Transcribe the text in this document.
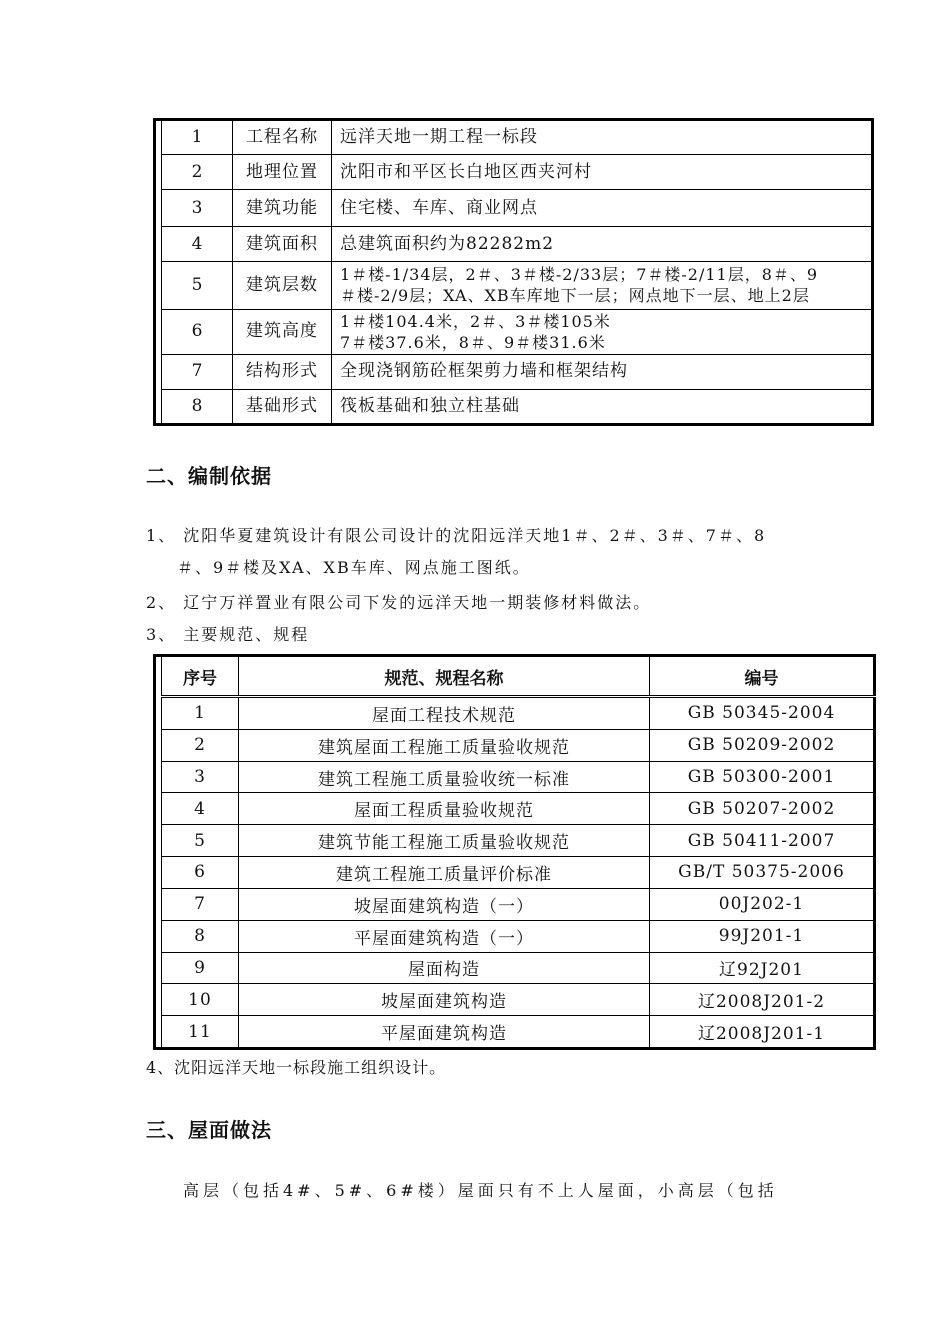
	1	工程名称	远洋天地一期工程一标段

	2	地理位置	沈阳市和平区长白地区西夹河村

	3	建筑功能	住宅楼、车库、商业网点

	4	建筑面积	总建筑面积约为82282m2

	5	建筑层数	1＃楼-1/34层，2＃、3＃楼-2/33层；7＃楼-2/11层，8＃、9
＃楼-2/9层；XA、XB车库地下一层；网点地下一层、地上2层

	6	建筑高度	1＃楼104.4米，2＃、3＃楼105米
7＃楼37.6米，8＃、9＃楼31.6米

	7	结构形式	全现浇钢筋砼框架剪力墙和框架结构

	8	基础形式	筏板基础和独立柱基础
二、编制依据
1、 沈阳华夏建筑设计有限公司设计的沈阳远洋天地1＃、2＃、3＃、7＃、8
＃、9＃楼及XA、XB车库、网点施工图纸。
2、 辽宁万祥置业有限公司下发的远洋天地一期装修材料做法。
3、 主要规范、规程
	序号	规范、规程名称	编号
	1	屋面工程技术规范	GB 50345-2004
	2	建筑屋面工程施工质量验收规范	GB 50209-2002
	3	建筑工程施工质量验收统一标准	GB 50300-2001
	4	屋面工程质量验收规范	GB 50207-2002
	5	建筑节能工程施工质量验收规范	GB 50411-2007
	6	建筑工程施工质量评价标准	GB/T 50375-2006
	7	坡屋面建筑构造（一）	00J202-1
	8	平屋面建筑构造（一）	99J201-1
	9	屋面构造	辽92J201
	10	坡屋面建筑构造	辽2008J201-2
	11	平屋面建筑构造	辽2008J201-1
4、沈阳远洋天地一标段施工组织设计。
三、屋面做法
高层（包括4#、5#、6#楼）屋面只有不上人屋面，小高层（包括
